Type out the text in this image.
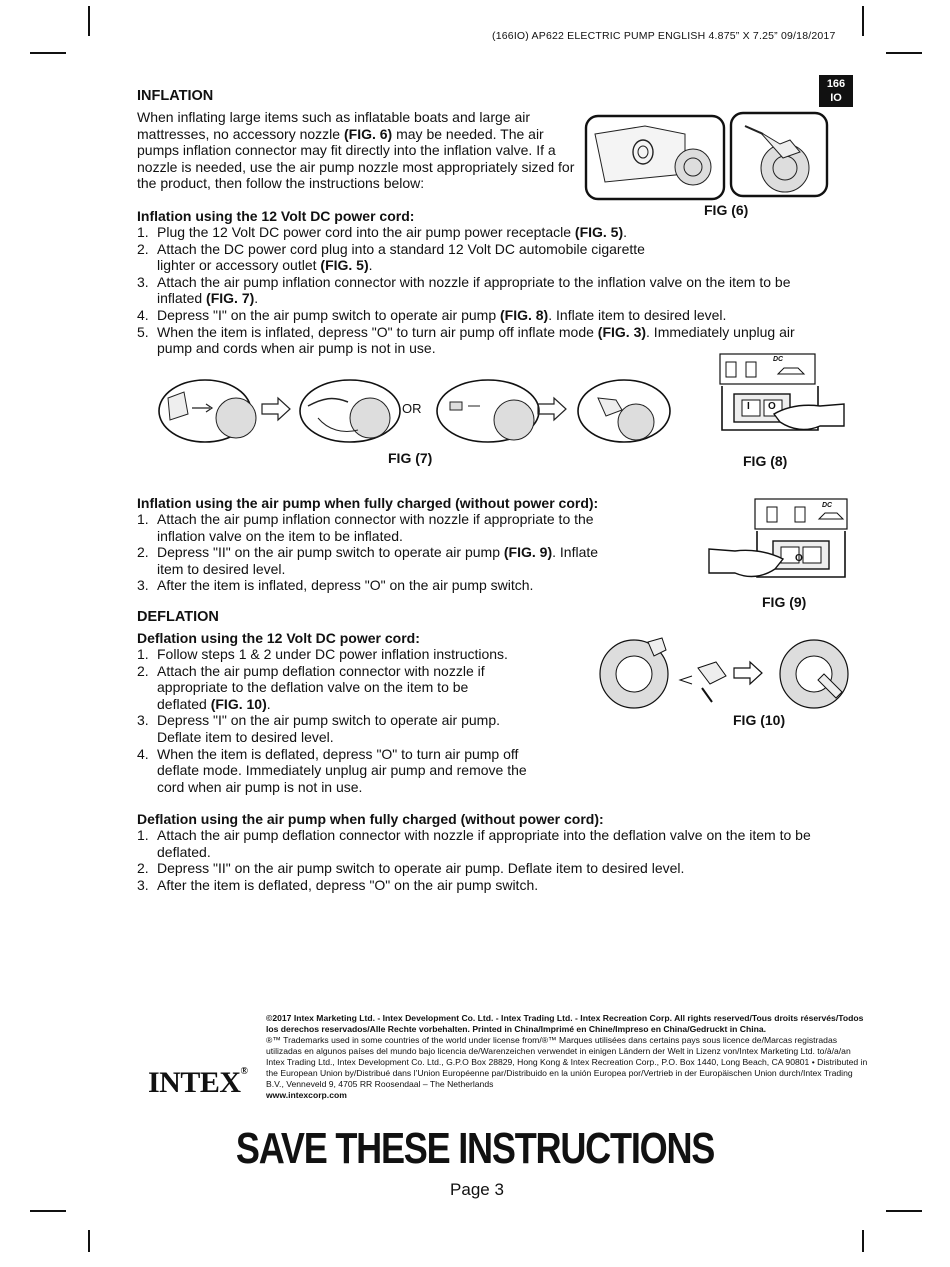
(166IO) AP622 ELECTRIC PUMP ENGLISH 4.875” X 7.25” 09/18/2017
166
IO
INFLATION

When inflating large items such as inflatable boats and large air mattresses, no accessory nozzle (FIG. 6) may be needed. The air pumps inflation connector may fit directly into the inflation valve. If a nozzle is needed, use the air pump nozzle most appropriately sized for the product, then follow the instructions below:

FIG (6)
Inflation using the 12 Volt DC power cord:
1. Plug the 12 Volt DC power cord into the air pump power receptacle (FIG. 5).
2. Attach the DC power cord plug into a standard 12 Volt DC automobile cigarette lighter or accessory outlet (FIG. 5).
3. Attach the air pump inflation connector with nozzle if appropriate to the inflation valve on the item to be inflated (FIG. 7).
4. Depress "I" on the air pump switch to operate air pump (FIG. 8). Inflate item to desired level.
5. When the item is inflated, depress "O" to turn air pump off inflate mode (FIG. 3). Immediately unplug air pump and cords when air pump is not in use.
OR
FIG (7)
I O
DC
FIG (8)
Inflation using the air pump when fully charged (without power cord):
1. Attach the air pump inflation connector with nozzle if appropriate to the inflation valve on the item to be inflated.
2. Depress "II" on the air pump switch to operate air pump (FIG. 9). Inflate item to desired level.
3. After the item is inflated, depress "O" on the air pump switch.
O
DC
FIG (9)
DEFLATION
Deflation using the 12 Volt DC power cord:
1. Follow steps 1 & 2 under DC power inflation instructions.
2. Attach the air pump deflation connector with nozzle if appropriate to the deflation valve on the item to be deflated (FIG. 10).
3. Depress "I" on the air pump switch to operate air pump. Deflate item to desired level.
4. When the item is deflated, depress "O" to turn air pump off deflate mode. Immediately unplug air pump and remove the cord when air pump is not in use.
FIG (10)
Deflation using the air pump when fully charged (without power cord):
1. Attach the air pump deflation connector with nozzle if appropriate into the deflation valve on the item to be deflated.
2. Depress "II" on the air pump switch to operate air pump. Deflate item to desired level.
3. After the item is deflated, depress "O" on the air pump switch.
©2017 Intex Marketing Ltd. - Intex Development Co. Ltd. - Intex Trading Ltd. - Intex Recreation Corp. All rights reserved/Tous droits réservés/Todos los derechos reservados/Alle Rechte vorbehalten. Printed in China/Imprimé en Chine/Impreso en China/Gedruckt in China.
®™ Trademarks used in some countries of the world under license from/®™ Marques utilisées dans certains pays sous licence de/Marcas registradas utilizadas en algunos países del mundo bajo licencia de/Warenzeichen verwendet in einigen Ländern der Welt in Lizenz von/Intex Marketing Ltd. to/à/a/an Intex Trading Ltd., Intex Development Co. Ltd., G.P.O Box 28829, Hong Kong & Intex Recreation Corp., P.O. Box 1440, Long Beach, CA 90801 • Distributed in the European Union by/Distribué dans l’Union Européenne par/Distribuido en la unión Europea por/Vertrieb in der Europäischen Union durch/Intex Trading B.V., Venneveld 9, 4705 RR Roosendaal – The Netherlands
www.intexcorp.com
INTEX®
SAVE THESE INSTRUCTIONS
Page 3
